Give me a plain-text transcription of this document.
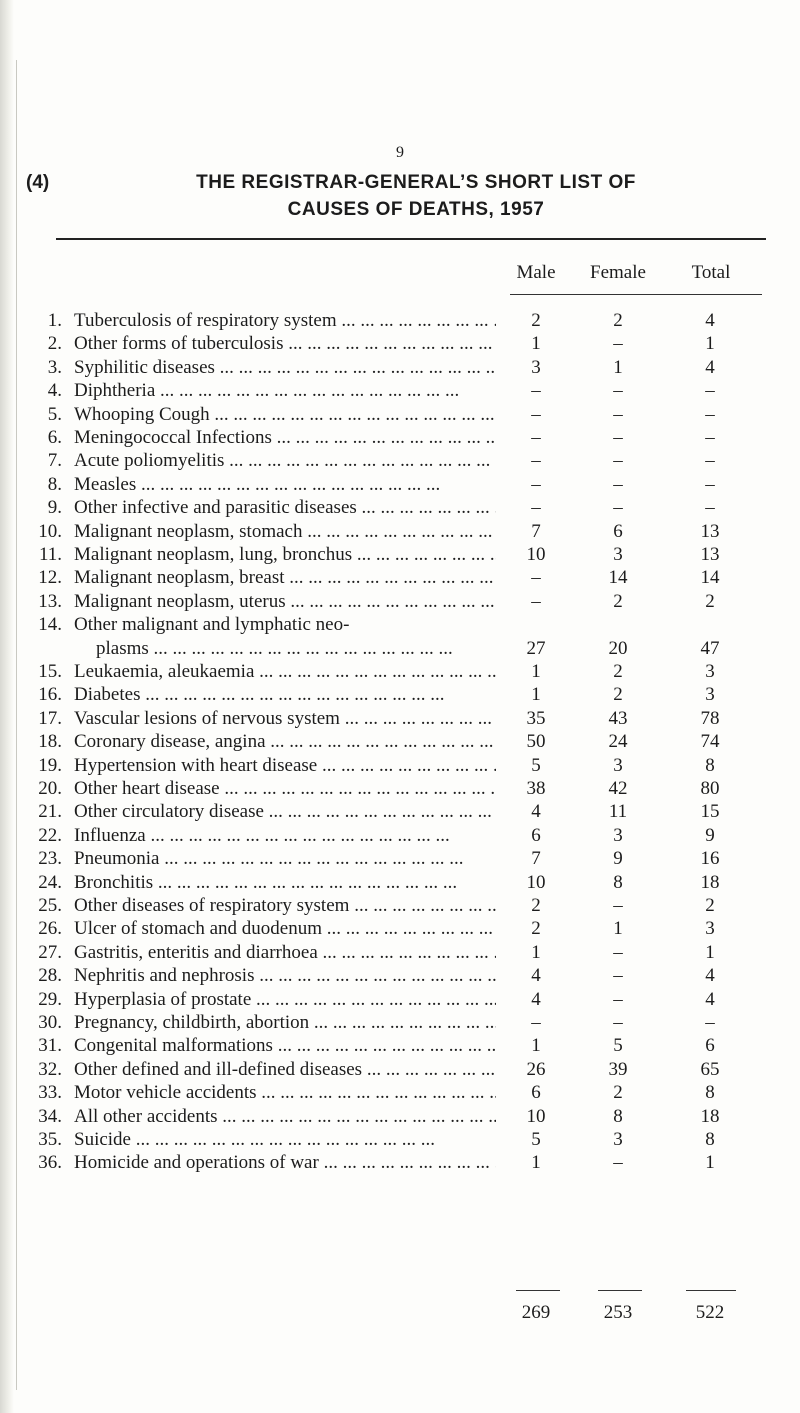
9
(4)	THE REGISTRAR-GENERAL’S SHORT LIST OF
CAUSES OF DEATHS, 1957
Male	Female	Total
1. Tuberculosis of respiratory system ... .	2	2	4
2. Other forms of tuberculosis ... .	1	–	1
3. Syphilitic diseases ... .	3	1	4
4. Diphtheria ... .	–	–	–
5. Whooping Cough ... .	–	–	–
6. Meningococcal Infections ... .	–	–	–
7. Acute poliomyelitis ... .	–	–	–
8. Measles ... .	–	–	–
9. Other infective and parasitic diseases ... .	–	–	–
10. Malignant neoplasm, stomach ... .	7	6	13
11. Malignant neoplasm, lung, bronchus ... .	10	3	13
12. Malignant neoplasm, breast ... .	–	14	14
13. Malignant neoplasm, uterus ... .	–	2	2
14. Other malignant and lymphatic neo-
plasms ... .	27	20	47
15. Leukaemia, aleukaemia ... .	1	2	3
16. Diabetes ... .	1	2	3
17. Vascular lesions of nervous system ... .	35	43	78
18. Coronary disease, angina ... .	50	24	74
19. Hypertension with heart disease ... .	5	3	8
20. Other heart disease ... .	38	42	80
21. Other circulatory disease ... .	4	11	15
22. Influenza ... .	6	3	9
23. Pneumonia ... .	7	9	16
24. Bronchitis ... .	10	8	18
25. Other diseases of respiratory system ... .	2	–	2
26. Ulcer of stomach and duodenum ... .	2	1	3
27. Gastritis, enteritis and diarrhoea ... .	1	–	1
28. Nephritis and nephrosis ... .	4	–	4
29. Hyperplasia of prostate ... .	4	–	4
30. Pregnancy, childbirth, abortion ... .	–	–	–
31. Congenital malformations ... .	1	5	6
32. Other defined and ill-defined diseases ... .	26	39	65
33. Motor vehicle accidents ... .	6	2	8
34. All other accidents ... .	10	8	18
35. Suicide ... .	5	3	8
36. Homicide and operations of war ... .	1	–	1
269	253	522
